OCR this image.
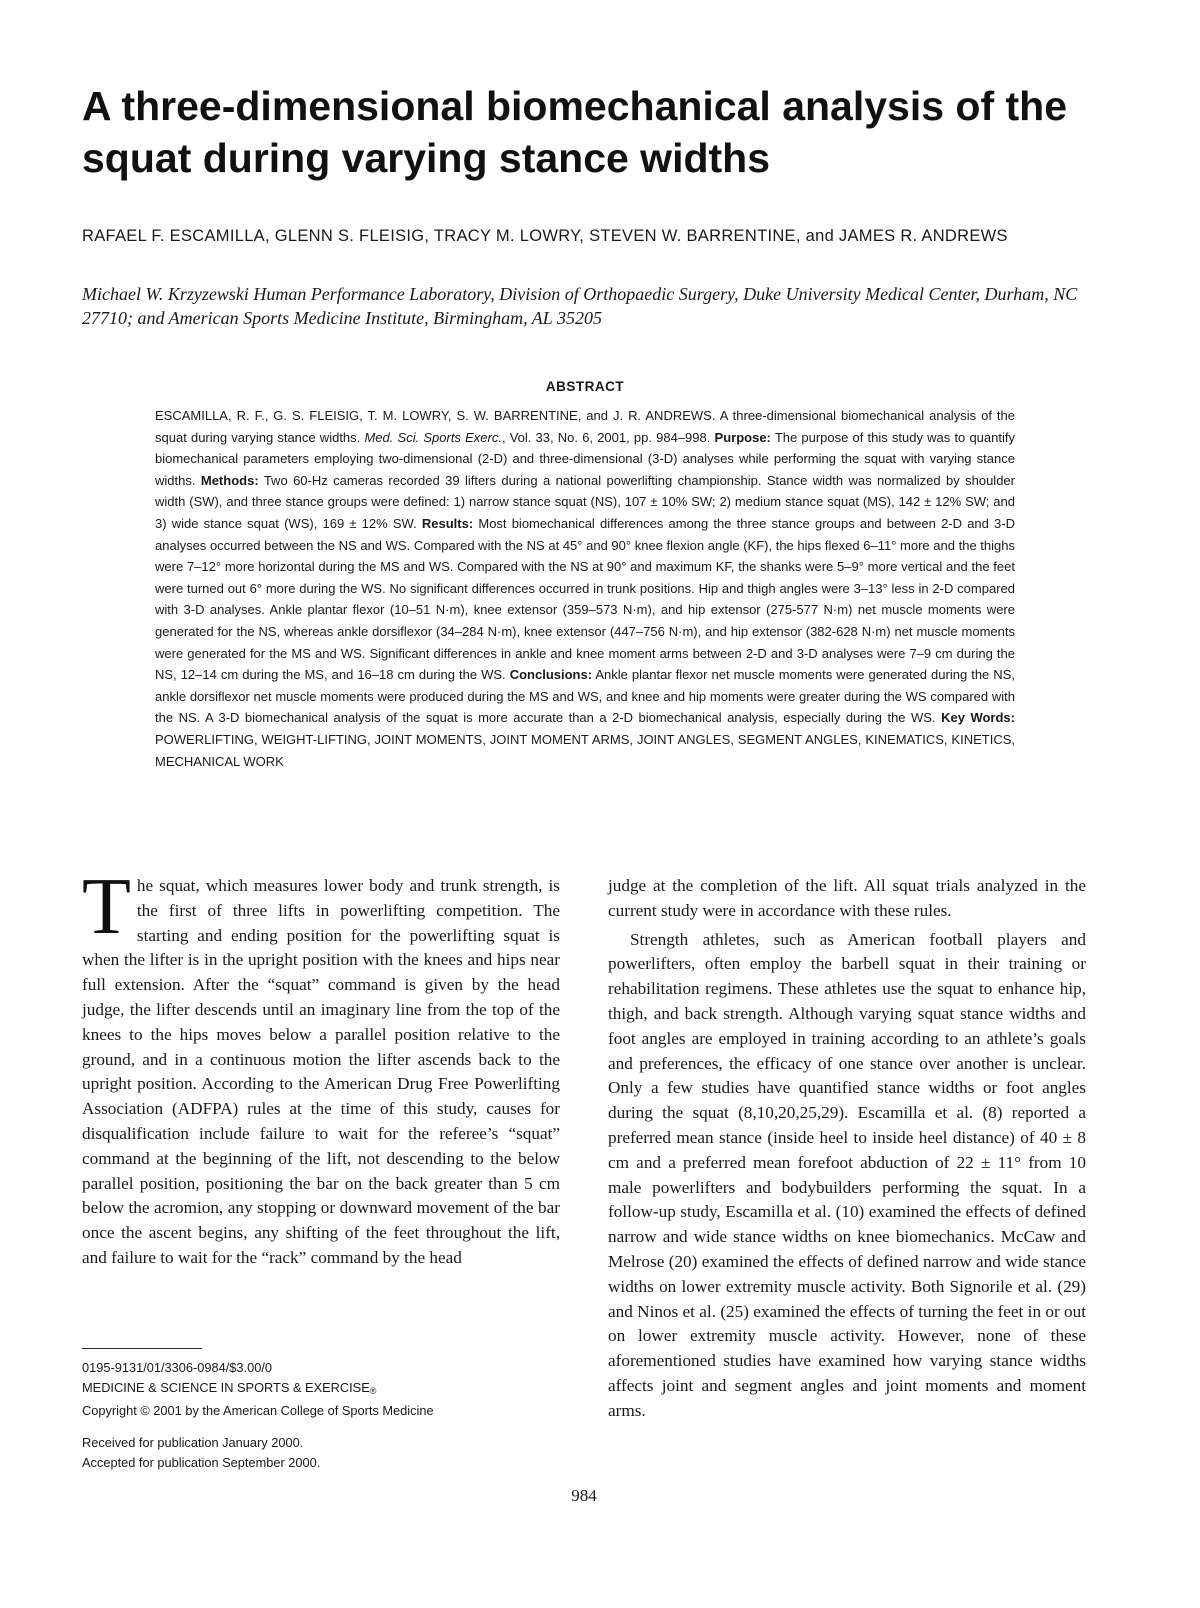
A three-dimensional biomechanical analysis of the squat during varying stance widths

RAFAEL F. ESCAMILLA, GLENN S. FLEISIG, TRACY M. LOWRY, STEVEN W. BARRENTINE, and JAMES R. ANDREWS

Michael W. Krzyzewski Human Performance Laboratory, Division of Orthopaedic Surgery, Duke University Medical Center, Durham, NC 27710; and American Sports Medicine Institute, Birmingham, AL 35205

ABSTRACT

ESCAMILLA, R. F., G. S. FLEISIG, T. M. LOWRY, S. W. BARRENTINE, and J. R. ANDREWS. A three-dimensional biomechanical analysis of the squat during varying stance widths. Med. Sci. Sports Exerc., Vol. 33, No. 6, 2001, pp. 984–998. Purpose: The purpose of this study was to quantify biomechanical parameters employing two-dimensional (2-D) and three-dimensional (3-D) analyses while performing the squat with varying stance widths. Methods: Two 60-Hz cameras recorded 39 lifters during a national powerlifting championship. Stance width was normalized by shoulder width (SW), and three stance groups were defined: 1) narrow stance squat (NS), 107 ± 10% SW; 2) medium stance squat (MS), 142 ± 12% SW; and 3) wide stance squat (WS), 169 ± 12% SW. Results: Most biomechanical differences among the three stance groups and between 2-D and 3-D analyses occurred between the NS and WS. Compared with the NS at 45° and 90° knee flexion angle (KF), the hips flexed 6–11° more and the thighs were 7–12° more horizontal during the MS and WS. Compared with the NS at 90° and maximum KF, the shanks were 5–9° more vertical and the feet were turned out 6° more during the WS. No significant differences occurred in trunk positions. Hip and thigh angles were 3–13° less in 2-D compared with 3-D analyses. Ankle plantar flexor (10–51 N·m), knee extensor (359–573 N·m), and hip extensor (275-577 N·m) net muscle moments were generated for the NS, whereas ankle dorsiflexor (34–284 N·m), knee extensor (447–756 N·m), and hip extensor (382-628 N·m) net muscle moments were generated for the MS and WS. Significant differences in ankle and knee moment arms between 2-D and 3-D analyses were 7–9 cm during the NS, 12–14 cm during the MS, and 16–18 cm during the WS. Conclusions: Ankle plantar flexor net muscle moments were generated during the NS, ankle dorsiflexor net muscle moments were produced during the MS and WS, and knee and hip moments were greater during the WS compared with the NS. A 3-D biomechanical analysis of the squat is more accurate than a 2-D biomechanical analysis, especially during the WS. Key Words: POWERLIFTING, WEIGHT-LIFTING, JOINT MOMENTS, JOINT MOMENT ARMS, JOINT ANGLES, SEGMENT ANGLES, KINEMATICS, KINETICS, MECHANICAL WORK

The squat, which measures lower body and trunk strength, is the first of three lifts in powerlifting competition. The starting and ending position for the powerlifting squat is when the lifter is in the upright position with the knees and hips near full extension. After the “squat” command is given by the head judge, the lifter descends until an imaginary line from the top of the knees to the hips moves below a parallel position relative to the ground, and in a continuous motion the lifter ascends back to the upright position. According to the American Drug Free Powerlifting Association (ADFPA) rules at the time of this study, causes for disqualification include failure to wait for the referee’s “squat” command at the beginning of the lift, not descending to the below parallel position, positioning the bar on the back greater than 5 cm below the acromion, any stopping or downward movement of the bar once the ascent begins, any shifting of the feet throughout the lift, and failure to wait for the “rack” command by the head

judge at the completion of the lift. All squat trials analyzed in the current study were in accordance with these rules.

Strength athletes, such as American football players and powerlifters, often employ the barbell squat in their training or rehabilitation regimens. These athletes use the squat to enhance hip, thigh, and back strength. Although varying squat stance widths and foot angles are employed in training according to an athlete’s goals and preferences, the efficacy of one stance over another is unclear. Only a few studies have quantified stance widths or foot angles during the squat (8,10,20,25,29). Escamilla et al. (8) reported a preferred mean stance (inside heel to inside heel distance) of 40 ± 8 cm and a preferred mean forefoot abduction of 22 ± 11° from 10 male powerlifters and bodybuilders performing the squat. In a follow-up study, Escamilla et al. (10) examined the effects of defined narrow and wide stance widths on knee biomechanics. McCaw and Melrose (20) examined the effects of defined narrow and wide stance widths on lower extremity muscle activity. Both Signorile et al. (29) and Ninos et al. (25) examined the effects of turning the feet in or out on lower extremity muscle activity. However, none of these aforementioned studies have examined how varying stance widths affects joint and segment angles and joint moments and moment arms.

0195-9131/01/3306-0984/$3.00/0
MEDICINE & SCIENCE IN SPORTS & EXERCISE®
Copyright © 2001 by the American College of Sports Medicine
Received for publication January 2000.
Accepted for publication September 2000.

984
